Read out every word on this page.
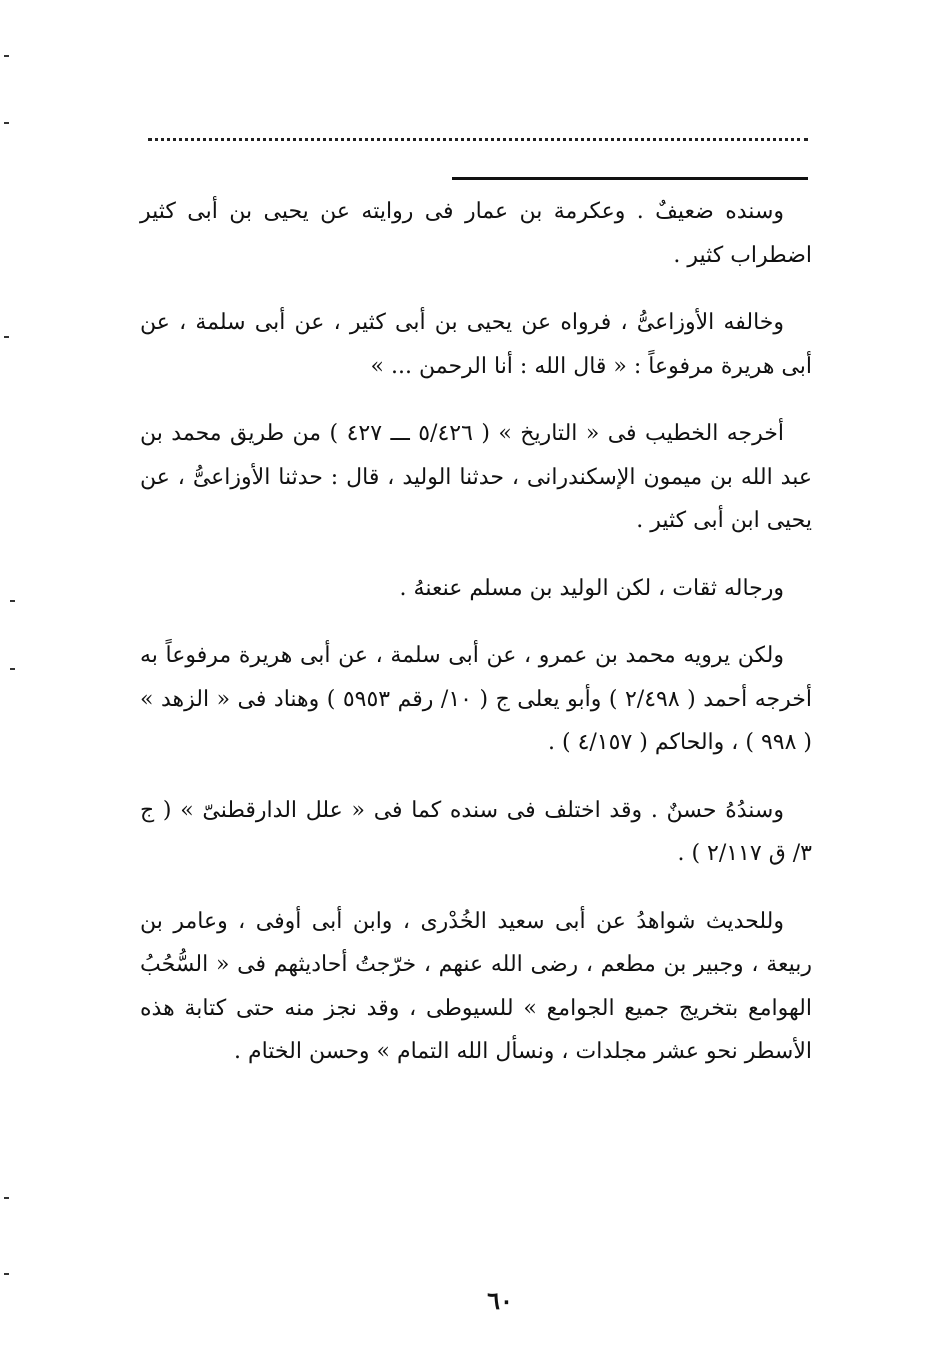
وسنده ضعيفٌ . وعكرمة بن عمار فى روايته عن يحيى بن أبى كثير اضطراب كثير .

وخالفه الأوزاعىُّ ، فرواه عن يحيى بن أبى كثير ، عن أبى سلمة ، عن أبى هريرة مرفوعاً : « قال الله : أنا الرحمن ... »

أخرجه الخطيب فى « التاريخ » ( ٥/٤٢٦ ـــ ٤٢٧ ) من طريق محمد بن عبد الله بن ميمون الإسكندرانى ، حدثنا الوليد ، قال : حدثنا الأوزاعىُّ ، عن يحيى ابن أبى كثير .

ورجاله ثقات ، لكن الوليد بن مسلم عنعنهُ .

ولكن يرويه محمد بن عمرو ، عن أبى سلمة ، عن أبى هريرة مرفوعاً به أخرجه أحمد ( ٢/٤٩٨ ) وأبو يعلى ج ( ١٠/ رقم ٥٩٥٣ ) وهناد فى « الزهد » ( ٩٩٨ ) ، والحاكم ( ٤/١٥٧ ) .

وسندُهُ حسنٌ . وقد اختلف فى سنده كما فى « علل الدارقطنىّ » ( ج ٣/ ق ٢/١١٧ ) .

وللحديث شواهدُ عن أبى سعيد الخُدْرى ، وابن أبى أوفى ، وعامر بن ربيعة ، وجبير بن مطعم ، رضى الله عنهم ، خرّجتُ أحاديثهم فى « السُّحُبُ الهوامع بتخريج جميع الجوامع » للسيوطى ، وقد نجز منه حتى كتابة هذه الأسطر نحو عشر مجلدات ، ونسأل الله التمام » وحسن الختام .

٦٠
